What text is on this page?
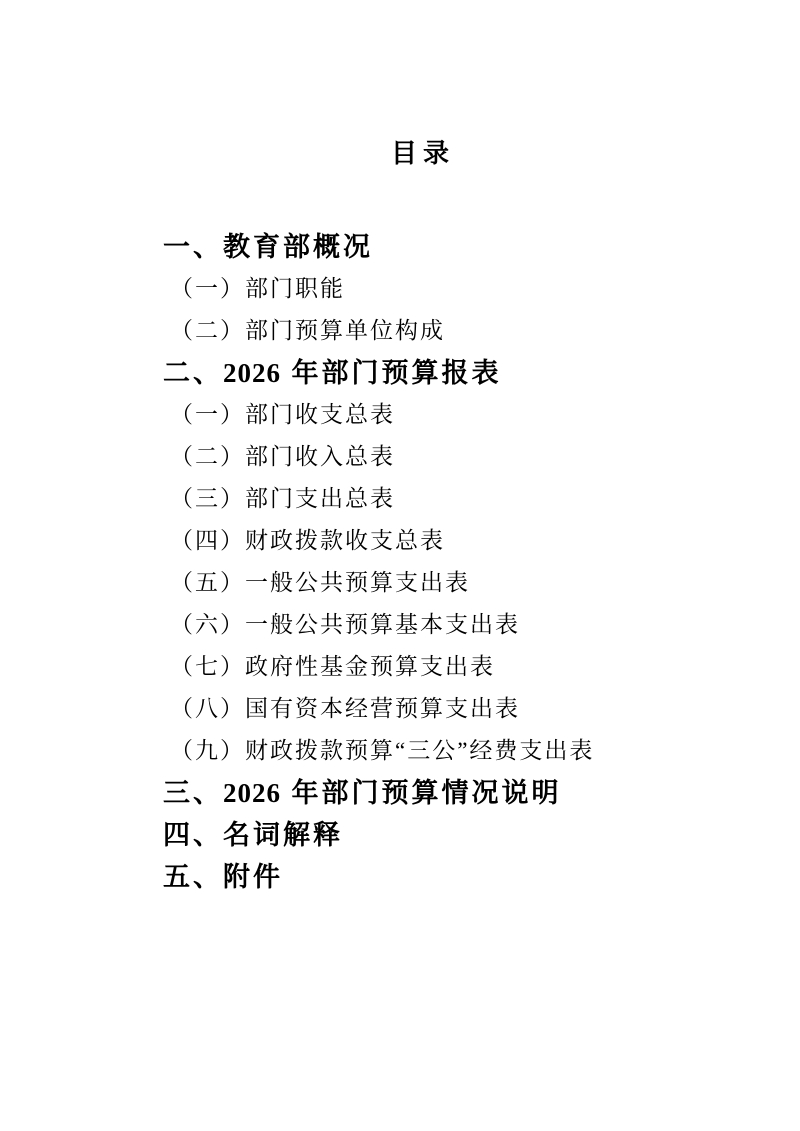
目录
一、教育部概况
（一）部门职能
（二）部门预算单位构成
二、2026 年部门预算报表
（一）部门收支总表
（二）部门收入总表
（三）部门支出总表
（四）财政拨款收支总表
（五）一般公共预算支出表
（六）一般公共预算基本支出表
（七）政府性基金预算支出表
（八）国有资本经营预算支出表
（九）财政拨款预算“三公”经费支出表
三、2026 年部门预算情况说明
四、名词解释
五、附件
